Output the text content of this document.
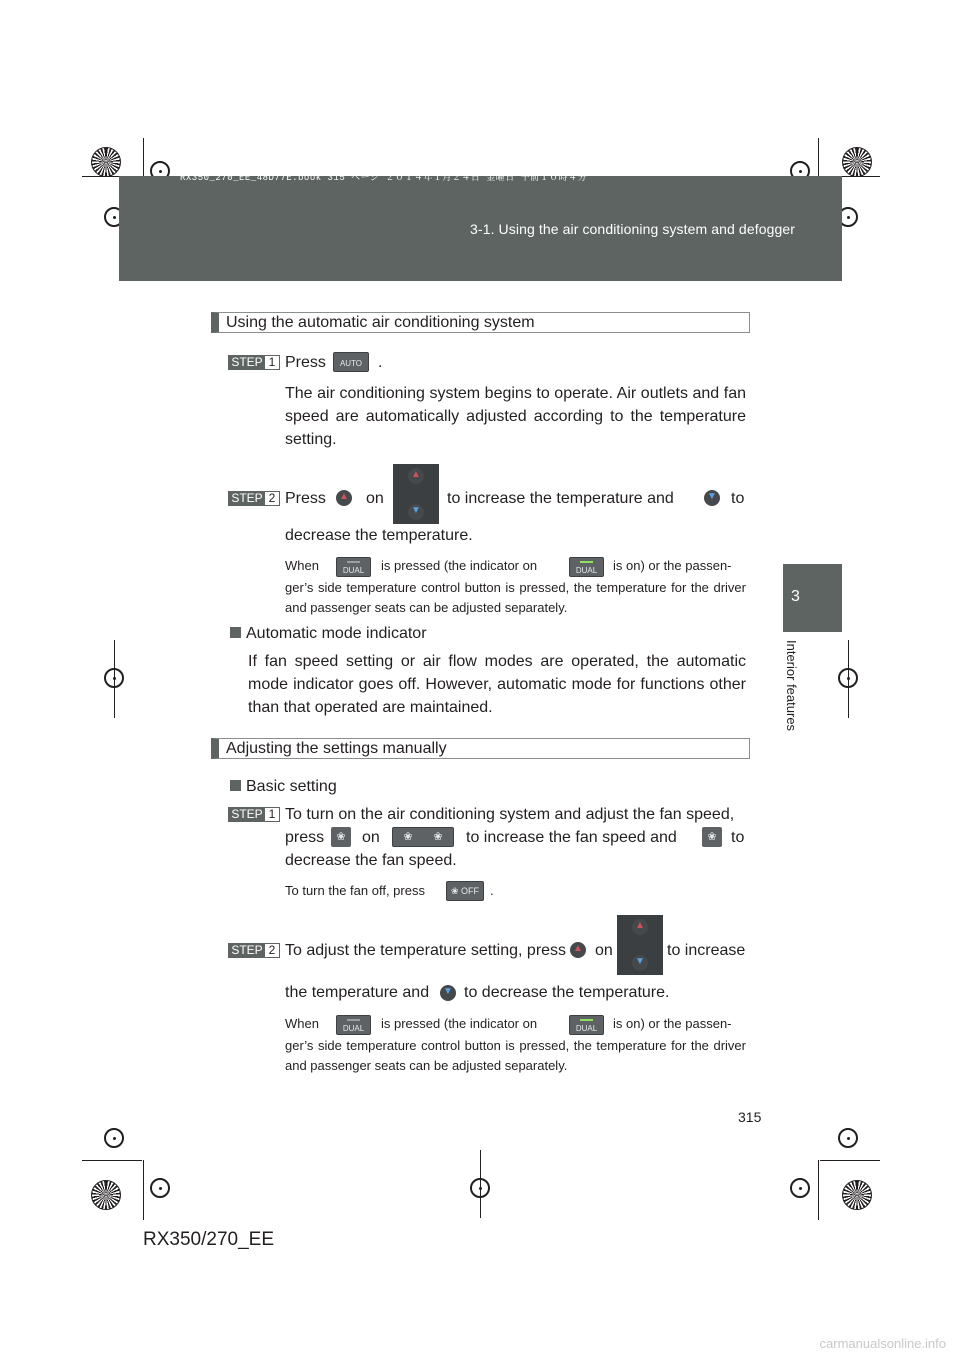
RX350_270_EE_48D77E.book 315 ページ ２０１４年１月２４日 金曜日 午前１０時４分
3-1. Using the air conditioning system and defogger
3
Interior features
Using the automatic air conditioning system
STEP 1 Press	AUTO .
The air conditioning system begins to operate. Air outlets and fan speed are automatically adjusted according to the temperature setting.
STEP 2 Press	▲ on
▲
▼
to increase the temperature and	▼ to
decrease the temperature.
When	DUAL	is pressed (the indicator on	DUAL	is on) or the passen-
ger’s side temperature control button is pressed, the temperature for the driver and passenger seats can be adjusted separately.
Automatic mode indicator
If fan speed setting or air flow modes are operated, the automatic mode indicator goes off. However, automatic mode for functions other than that operated are maintained.
Adjusting the settings manually
Basic setting
STEP 1 To turn on the air conditioning system and adjust the fan speed,
press	❀	on ❀ ❀ to increase the fan speed and	❀ to
decrease the fan speed.
To turn the fan off, press	❀ OFF .
STEP 2 To adjust the temperature setting, press ▲ on
▲
▼
to increase
the temperature and	▼ to decrease the temperature.
When	DUAL	is pressed (the indicator on	DUAL	is on) or the passen-
ger’s side temperature control button is pressed, the temperature for the driver and passenger seats can be adjusted separately.
315
RX350/270_EE
carmanualsonline.info
